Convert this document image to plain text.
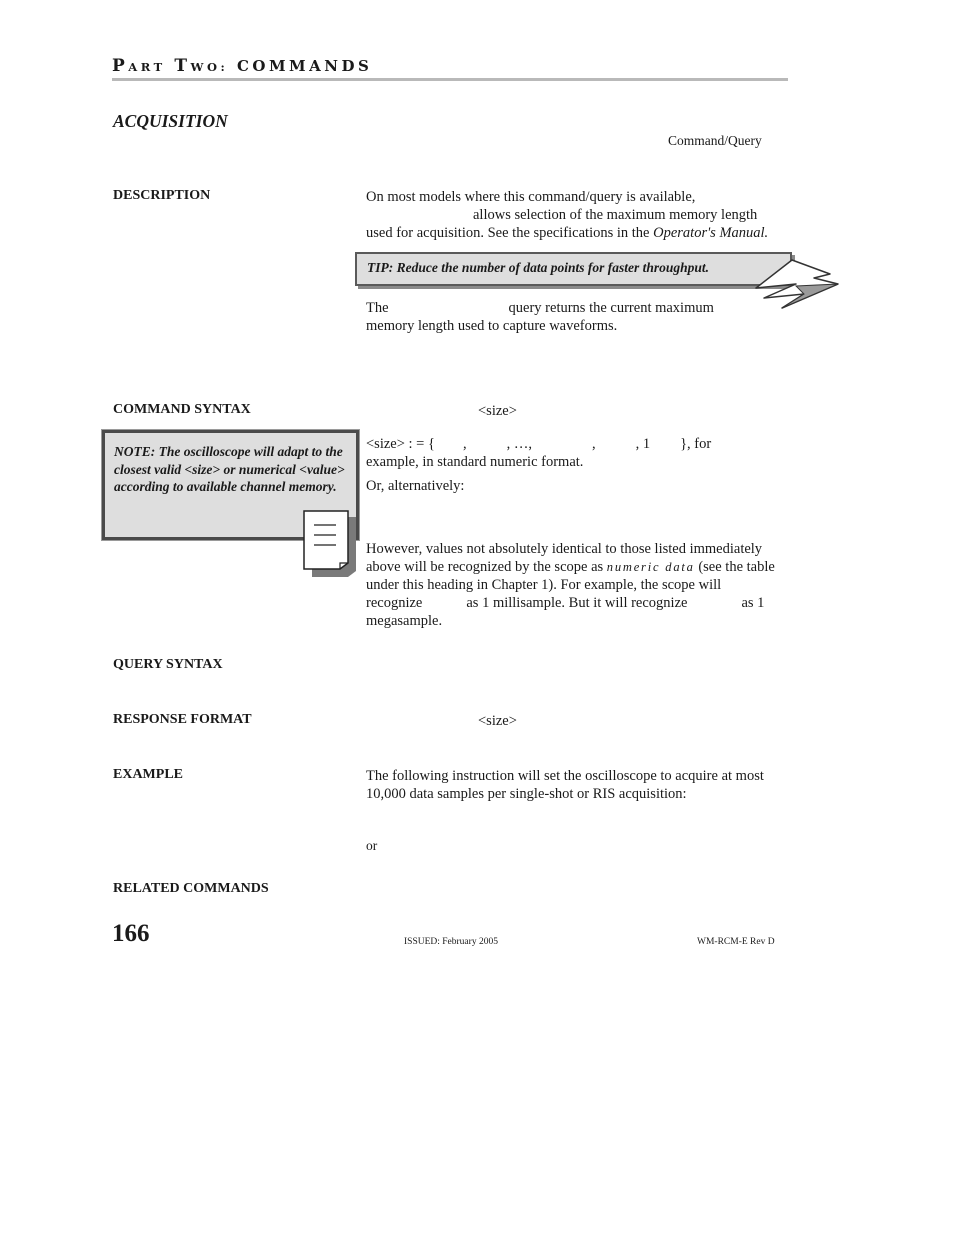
PART TWO: COMMANDS
ACQUISITION
Command/Query
DESCRIPTION	On most models where this command/query is available,
allows selection of the maximum memory length
used for acquisition. See the specifications in the Operator's Manual.
TIP: Reduce the number of data points for faster throughput.
The	query returns the current maximum
memory length used to capture waveforms.
COMMAND SYNTAX	<size>
NOTE: The oscilloscope will adapt to the closest valid <size> or numerical <value> according to available channel memory.
<size> : = { ,	, …,	,	, 1 }, for
example, in standard numeric format.
Or, alternatively:
However, values not absolutely identical to those listed immediately
above will be recognized by the scope as numeric data (see the table
under this heading in Chapter 1). For example, the scope will
recognize	as 1 millisample. But it will recognize	as 1
megasample.
QUERY SYNTAX
RESPONSE FORMAT	<size>
EXAMPLE	The following instruction will set the oscilloscope to acquire at most
10,000 data samples per single-shot or RIS acquisition:
or
RELATED COMMANDS
166	ISSUED: February 2005	WM-RCM-E Rev D
